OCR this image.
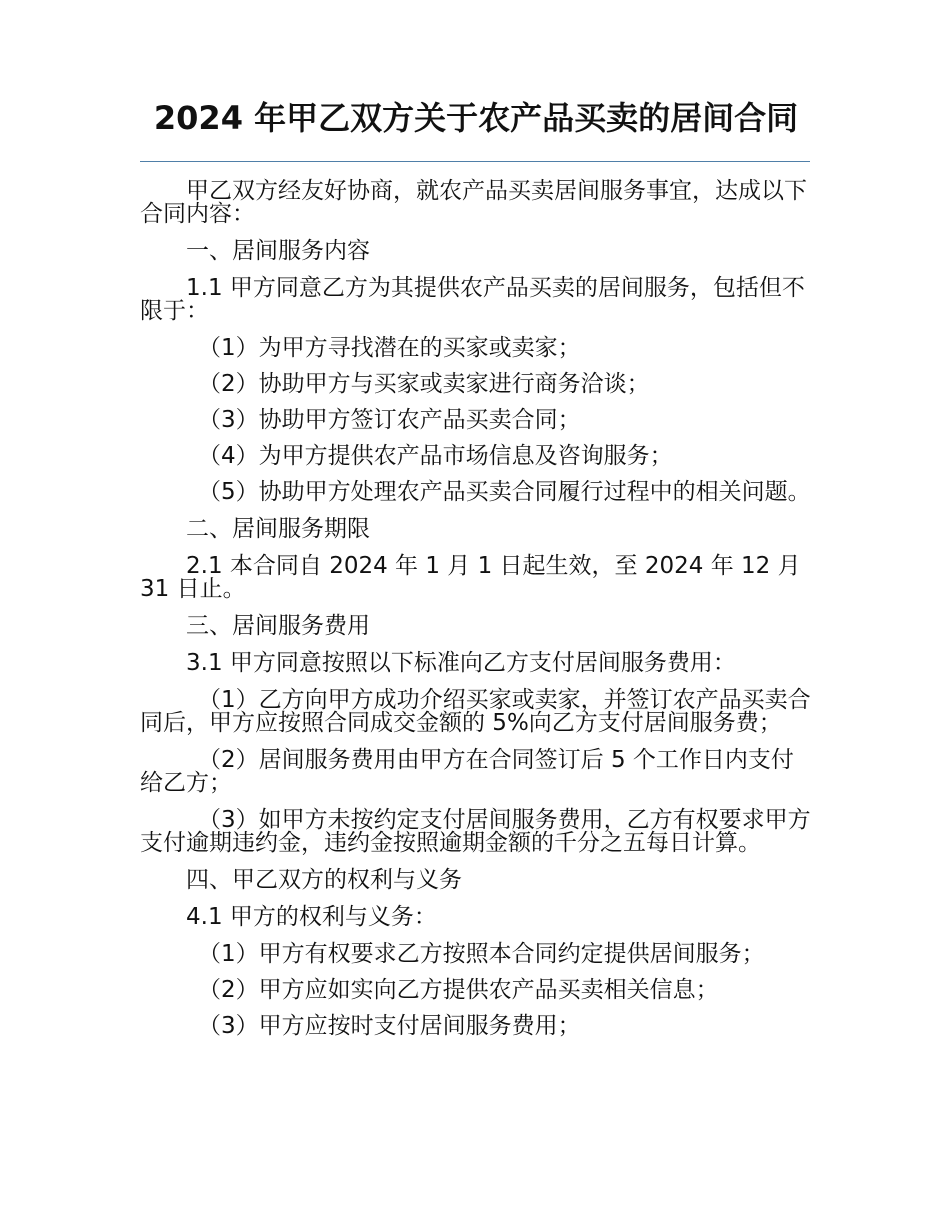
2024 年甲乙双方关于农产品买卖的居间合同

甲乙双方经友好协商，就农产品买卖居间服务事宜，达成以下合同内容：

一、居间服务内容

1.1 甲方同意乙方为其提供农产品买卖的居间服务，包括但不限于：

（1）为甲方寻找潜在的买家或卖家；

（2）协助甲方与买家或卖家进行商务洽谈；

（3）协助甲方签订农产品买卖合同；

（4）为甲方提供农产品市场信息及咨询服务；

（5）协助甲方处理农产品买卖合同履行过程中的相关问题。

二、居间服务期限

2.1 本合同自 2024 年 1 月 1 日起生效，至 2024 年 12 月 31 日止。

三、居间服务费用

3.1 甲方同意按照以下标准向乙方支付居间服务费用：

（1）乙方向甲方成功介绍买家或卖家，并签订农产品买卖合同后，甲方应按照合同成交金额的 5%向乙方支付居间服务费；

（2）居间服务费用由甲方在合同签订后 5 个工作日内支付给乙方；

（3）如甲方未按约定支付居间服务费用，乙方有权要求甲方支付逾期违约金，违约金按照逾期金额的千分之五每日计算。

四、甲乙双方的权利与义务

4.1 甲方的权利与义务：

（1）甲方有权要求乙方按照本合同约定提供居间服务；

（2）甲方应如实向乙方提供农产品买卖相关信息；

（3）甲方应按时支付居间服务费用；
